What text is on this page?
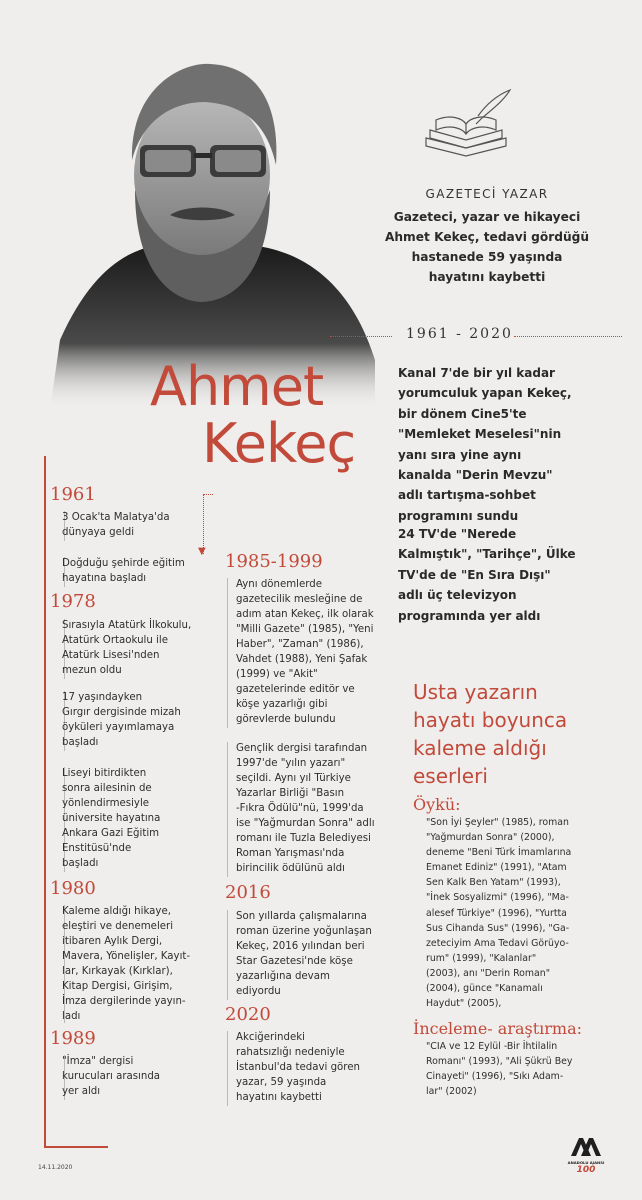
GAZETECİ YAZAR
Gazeteci, yazar ve hikayeci
Ahmet Kekeç, tedavi gördüğü
hastanede 59 yaşında
hayatını kaybetti
1961 - 2020
Ahmet
Kekeç
Kanal 7'de bir yıl kadar
yorumculuk yapan Kekeç,
bir dönem Cine5'te
"Memleket Meselesi"nin
yanı sıra yine aynı
kanalda "Derin Mevzu"
adlı tartışma-sohbet
programını sundu
24 TV'de "Nerede
Kalmıştık", "Tarihçe", Ülke
TV'de de "En Sıra Dışı"
adlı üç televizyon
programında yer aldı
▼
1961
3 Ocak'ta Malatya'da
dünyaya geldi
Doğduğu şehirde eğitim
hayatına başladı
1978
Sırasıyla Atatürk İlkokulu,
Atatürk Ortaokulu ile
Atatürk Lisesi'nden
mezun oldu
17 yaşındayken
Gırgır dergisinde mizah
öyküleri yayımlamaya
başladı
Liseyi bitirdikten
sonra ailesinin de
yönlendirmesiyle
üniversite hayatına
Ankara Gazi Eğitim
Enstitüsü'nde
başladı
1980
Kaleme aldığı hikaye,
eleştiri ve denemeleri
itibaren Aylık Dergi,
Mavera, Yönelişler, Kayıt-
lar, Kırkayak (Kırklar),
Kitap Dergisi, Girişim,
İmza dergilerinde yayın-
ladı
1989
"İmza" dergisi
kurucuları arasında
yer aldı
1985-1999
Aynı dönemlerde
gazetecilik mesleğine de
adım atan Kekeç, ilk olarak
"Milli Gazete" (1985), "Yeni
Haber", "Zaman" (1986),
Vahdet (1988), Yeni Şafak
(1999) ve "Akit"
gazetelerinde editör ve
köşe yazarlığı gibi
görevlerde bulundu
Gençlik dergisi tarafından
1997'de "yılın yazarı"
seçildi. Aynı yıl Türkiye
Yazarlar Birliği "Basın
-Fıkra Ödülü"nü, 1999'da
ise "Yağmurdan Sonra" adlı
romanı ile Tuzla Belediyesi
Roman Yarışması'nda
birincilik ödülünü aldı
2016
Son yıllarda çalışmalarına
roman üzerine yoğunlaşan
Kekeç, 2016 yılından beri
Star Gazetesi'nde köşe
yazarlığına devam
ediyordu
2020
Akciğerindeki
rahatsızlığı nedeniyle
İstanbul'da tedavi gören
yazar, 59 yaşında
hayatını kaybetti
Usta yazarın
hayatı boyunca
kaleme aldığı
eserleri
Öykü:
"Son İyi Şeyler" (1985), roman
"Yağmurdan Sonra" (2000),
deneme "Beni Türk İmamlarına
Emanet Ediniz" (1991), "Atam
Sen Kalk Ben Yatam" (1993),
"İnek Sosyalizmi" (1996), "Ma-
alesef Türkiye" (1996), "Yurtta
Sus Cihanda Sus" (1996), "Ga-
zeteciyim Ama Tedavi Görüyo-
rum" (1999), "Kalanlar"
(2003), anı "Derin Roman"
(2004), günce "Kanamalı
Haydut" (2005),
İnceleme- araştırma:
"CIA ve 12 Eylül -Bir İhtilalin
Romanı" (1993), "Ali Şükrü Bey
Cinayeti" (1996), "Sıkı Adam-
lar" (2002)
14.11.2020
ANADOLU AJANSI
100
